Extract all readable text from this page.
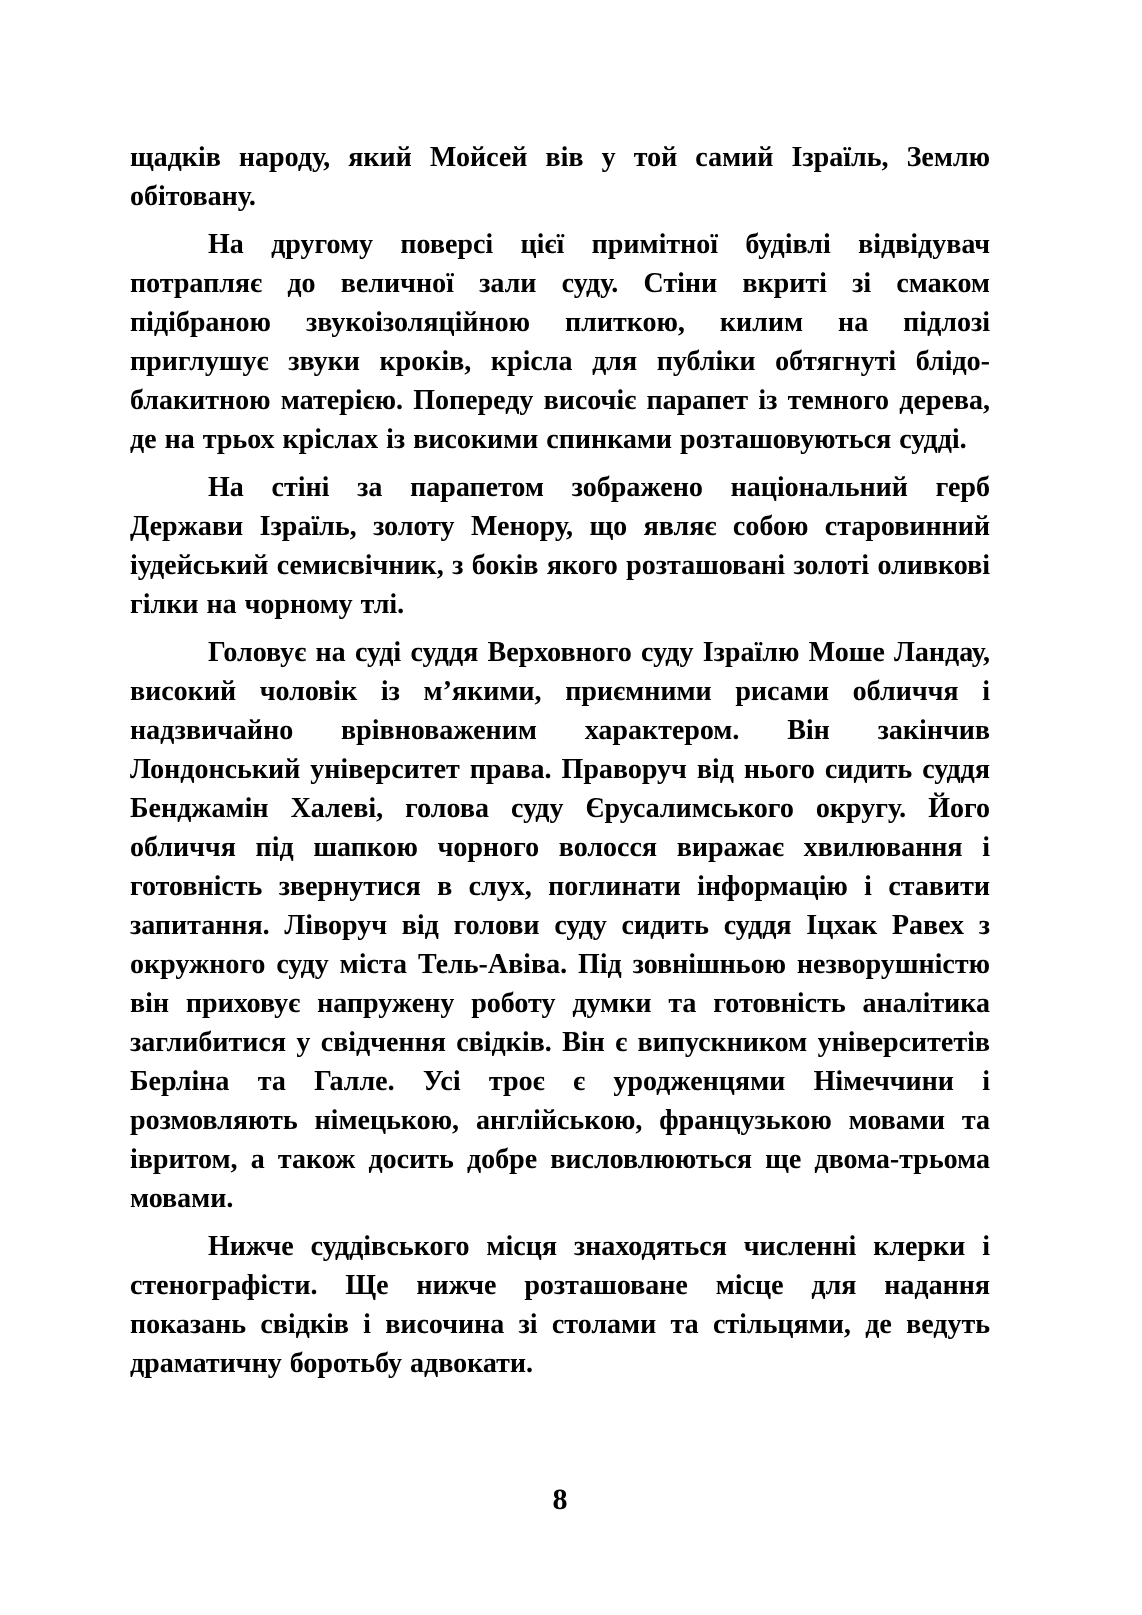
щадків народу, який Мойсей вів у той самий Ізраїль, Землю обітовану.

На другому поверсі цієї примітної будівлі відвідувач потрапляє до величної зали суду. Стіни вкриті зі смаком підібраною звукоізоляційною плиткою, килим на підлозі приглушує звуки кроків, крісла для публіки обтягнуті блідо-блакитною матерією. Попереду височіє парапет із темного дерева, де на трьох кріслах із високими спинками розташовуються судді.

На стіні за парапетом зображено національний герб Держави Ізраїль, золоту Менору, що являє собою старовинний іудейський семисвічник, з боків якого розташовані золоті оливкові гілки на чорному тлі.

Головує на суді суддя Верховного суду Ізраїлю Моше Ландау, високий чоловік із м’якими, приємними рисами обличчя і надзвичайно врівноваженим характером. Він закінчив Лондонський університет права. Праворуч від нього сидить суддя Бенджамін Халеві, голова суду Єрусалимського округу. Його обличчя під шапкою чорного волосся виражає хвилювання і готовність звернутися в слух, поглинати інформацію і ставити запитання. Ліворуч від голови суду сидить суддя Іцхак Равех з окружного суду міста Тель-Авіва. Під зовнішньою незворушністю він приховує напружену роботу думки та готовність аналітика заглибитися у свідчення свідків. Він є випускником університетів Берліна та Галле. Усі троє є уродженцями Німеччини і розмовляють німецькою, англійською, французькою мовами та івритом, а також досить добре висловлюються ще двома-трьома мовами.

Нижче суддівського місця знаходяться численні клерки і стенографісти. Ще нижче розташоване місце для надання показань свідків і височина зі столами та стільцями, де ведуть драматичну боротьбу адвокати.

8
